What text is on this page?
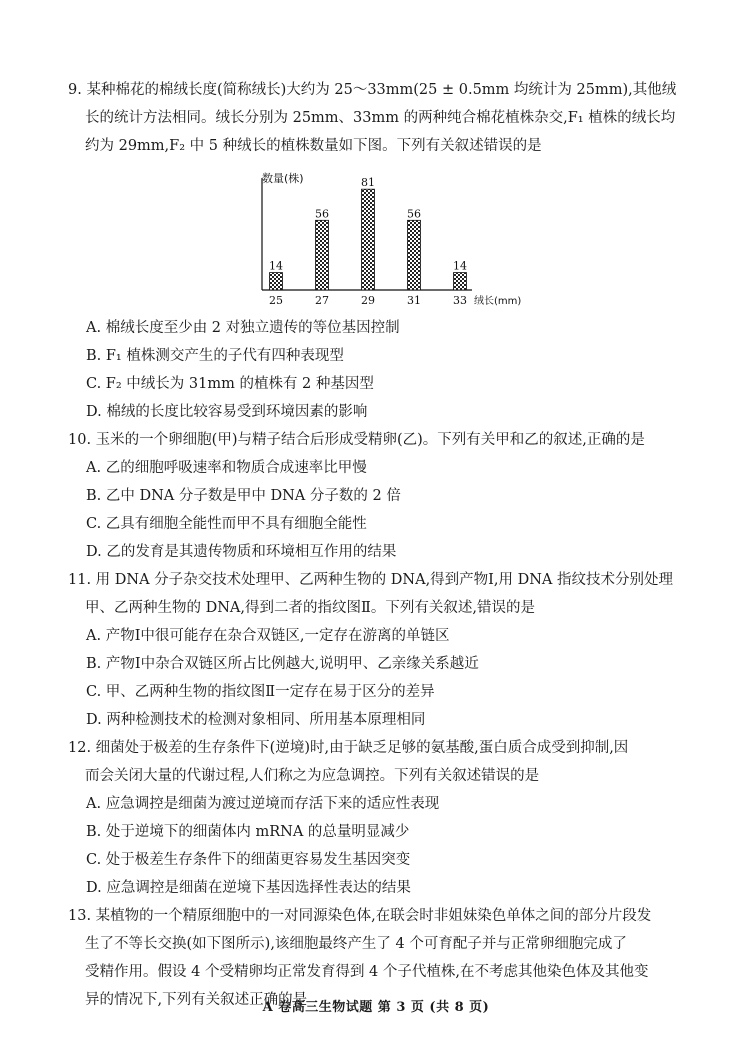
9. 某种棉花的棉绒长度(简称绒长)大约为 25～33mm(25 ± 0.5mm 均统计为 25mm),其他绒
长的统计方法相同。绒长分别为 25mm、33mm 的两种纯合棉花植株杂交,F₁ 植株的绒长均
约为 29mm,F₂ 中 5 种绒长的植株数量如下图。下列有关叙述错误的是
数量(株)
绒长(mm)
14
25
56
27
81
29
56
31
14
33
A. 棉绒长度至少由 2 对独立遗传的等位基因控制
B. F₁ 植株测交产生的子代有四种表现型
C. F₂ 中绒长为 31mm 的植株有 2 种基因型
D. 棉绒的长度比较容易受到环境因素的影响
10. 玉米的一个卵细胞(甲)与精子结合后形成受精卵(乙)。下列有关甲和乙的叙述,正确的是
A. 乙的细胞呼吸速率和物质合成速率比甲慢
B. 乙中 DNA 分子数是甲中 DNA 分子数的 2 倍
C. 乙具有细胞全能性而甲不具有细胞全能性
D. 乙的发育是其遗传物质和环境相互作用的结果
11. 用 DNA 分子杂交技术处理甲、乙两种生物的 DNA,得到产物Ⅰ,用 DNA 指纹技术分别处理
甲、乙两种生物的 DNA,得到二者的指纹图Ⅱ。下列有关叙述,错误的是
A. 产物Ⅰ中很可能存在杂合双链区,一定存在游离的单链区
B. 产物Ⅰ中杂合双链区所占比例越大,说明甲、乙亲缘关系越近
C. 甲、乙两种生物的指纹图Ⅱ一定存在易于区分的差异
D. 两种检测技术的检测对象相同、所用基本原理相同
12. 细菌处于极差的生存条件下(逆境)时,由于缺乏足够的氨基酸,蛋白质合成受到抑制,因
而会关闭大量的代谢过程,人们称之为应急调控。下列有关叙述错误的是
A. 应急调控是细菌为渡过逆境而存活下来的适应性表现
B. 处于逆境下的细菌体内 mRNA 的总量明显减少
C. 处于极差生存条件下的细菌更容易发生基因突变
D. 应急调控是细菌在逆境下基因选择性表达的结果
13. 某植物的一个精原细胞中的一对同源染色体,在联会时非姐妹染色单体之间的部分片段发
生了不等长交换(如下图所示),该细胞最终产生了 4 个可育配子并与正常卵细胞完成了
受精作用。假设 4 个受精卵均正常发育得到 4 个子代植株,在不考虑其他染色体及其他变
异的情况下,下列有关叙述正确的是
A 卷高三生物试题 第 3 页 (共 8 页)
